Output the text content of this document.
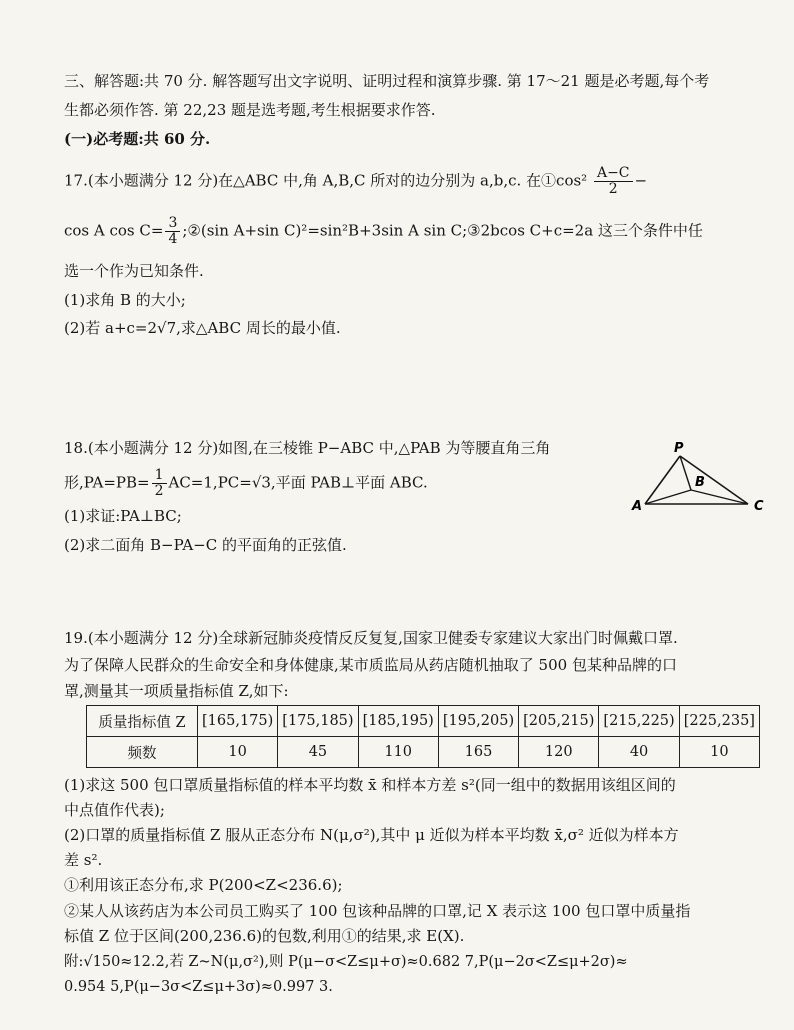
三、解答题:共 70 分. 解答题写出文字说明、证明过程和演算步骤. 第 17～21 题是必考题,每个考
生都必须作答. 第 22,23 题是选考题,考生根据要求作答.
(一)必考题:共 60 分.
17.(本小题满分 12 分)在△ABC 中,角 A,B,C 所对的边分别为 a,b,c. 在①cos² $\frac{A-C}{2}$ −
cos A $\cos C= \frac{3}{4}$ ;②(sin A+sin C)²=sin²B+3sin A sin C;③2bcos C+c=2a 这三个条件中任
选一个作为已知条件.
(1)求角 B 的大小;
(2)若 a+c=2√7,求△ABC 周长的最小值.
18.(本小题满分 12 分)如图,在三棱锥 P−ABC 中,△PAB 为等腰直角三角
形$,PA=PB= \frac{1}{2} AC=1,PC=√3$,平面 PAB⊥平面 ABC.
(1)求证:PA⊥BC;
(2)求二面角 B−PA−C 的平面角的正弦值.
P
A
B
C
19.(本小题满分 12 分)全球新冠肺炎疫情反反复复,国家卫健委专家建议大家出门时佩戴口罩.
为了保障人民群众的生命安全和身体健康,某市质监局从药店随机抽取了 500 包某种品牌的口
罩,测量其一项质量指标值 Z,如下:
质量指标值 Z	[165,175)	[175,185)	[185,195)	[195,205)	[205,215)	[215,225)	[225,235]
频数	10	45	110	165	120	40	10
(1)求这 500 包口罩质量指标值的样本平均数 x̄ 和样本方差 s²(同一组中的数据用该组区间的
中点值作代表);
(2)口罩的质量指标值 Z 服从正态分布 N(μ,σ²),其中 μ 近似为样本平均数 x̄,σ² 近似为样本方
差 s².
①利用该正态分布,求 P(200<Z<236.6);
②某人从该药店为本公司员工购买了 100 包该种品牌的口罩,记 X 表示这 100 包口罩中质量指
标值 Z 位于区间(200,236.6)的包数,利用①的结果,求 E(X).
附:√150≈12.2,若 Z~N(μ,σ²),则 P(μ−σ<Z≤μ+σ)≈0.682 7,P(μ−2σ<Z≤μ+2σ)≈
0.954 5,P(μ−3σ<Z≤μ+3σ)≈0.997 3.
